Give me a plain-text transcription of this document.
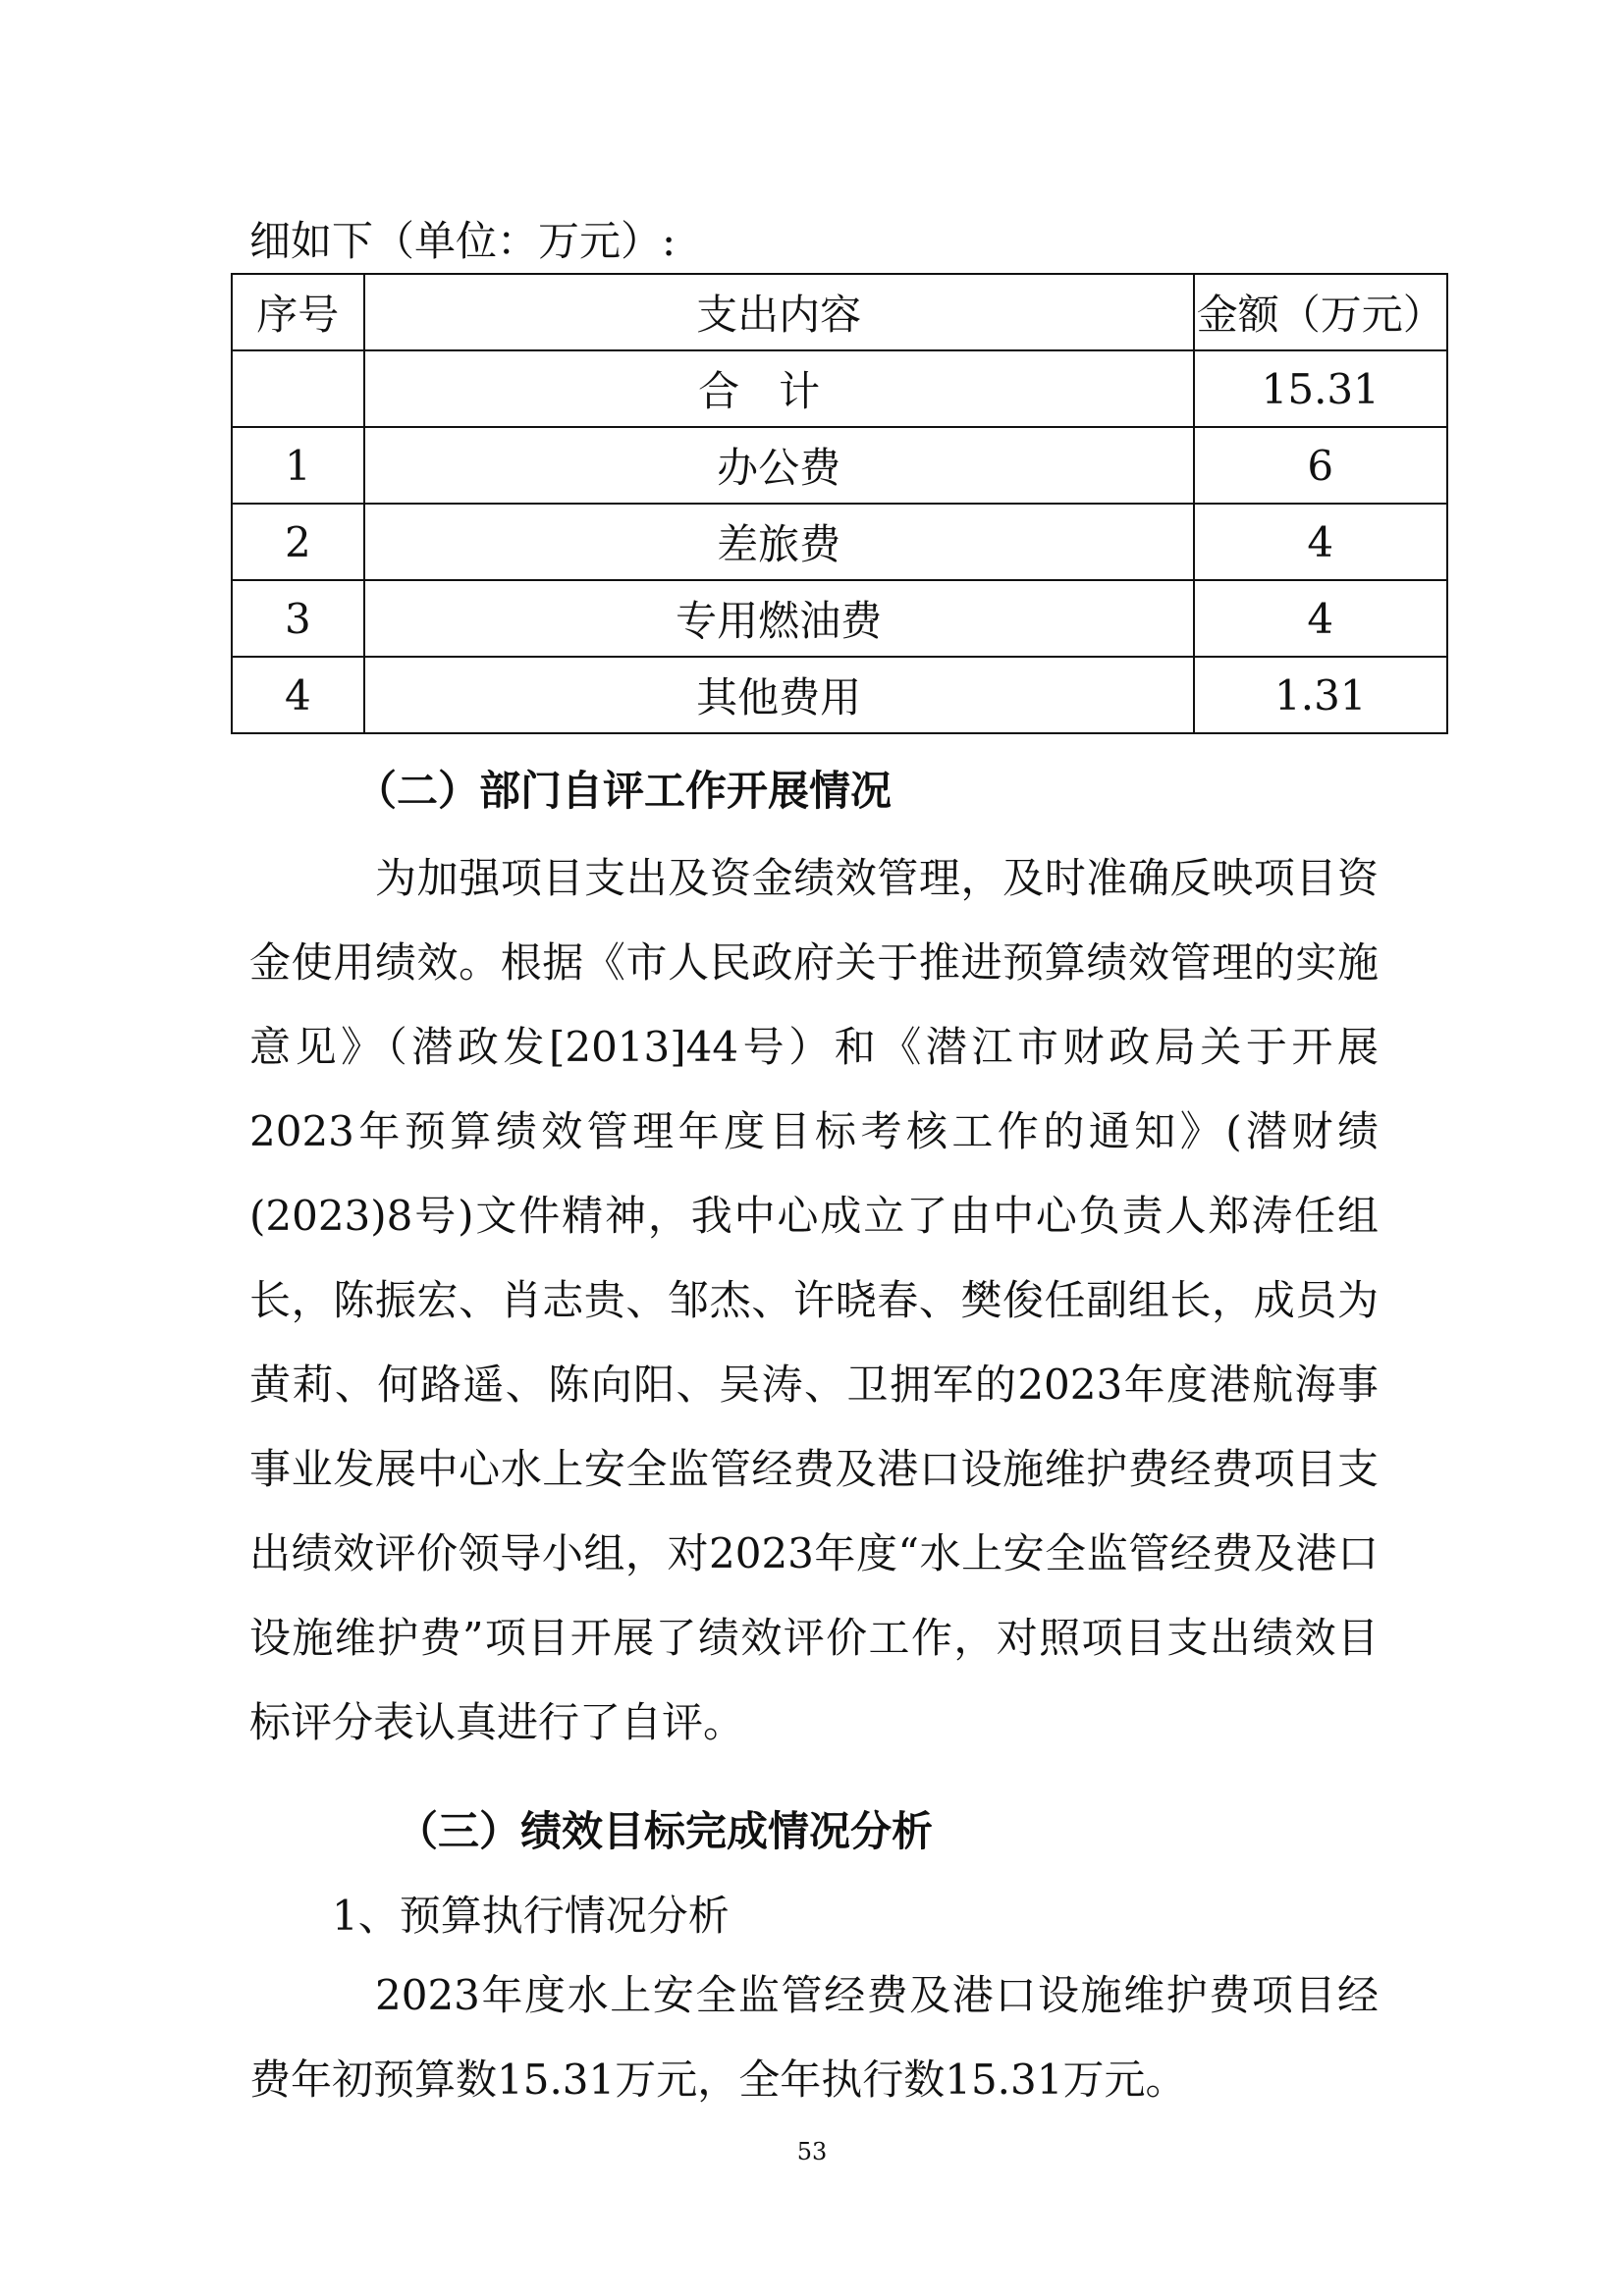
细如下（单位：万元）:

序号	支出内容	金额（万元）
	合计	15.31
1	办公费	6
2	差旅费	4
3	专用燃油费	4
4	其他费用	1.31

（二）部门自评工作开展情况

为加强项目支出及资金绩效管理，及时准确反映项目资金使用绩效。根据《市人民政府关于推进预算绩效管理的实施意见》（潜政发[2013]44号）和《潜江市财政局关于开展2023年预算绩效管理年度目标考核工作的通知》(潜财绩(2023)8号)文件精神，我中心成立了由中心负责人郑涛任组长，陈振宏、肖志贵、邹杰、许晓春、樊俊任副组长，成员为黄莉、何路遥、陈向阳、吴涛、卫拥军的2023年度港航海事事业发展中心水上安全监管经费及港口设施维护费经费项目支出绩效评价领导小组，对2023年度“水上安全监管经费及港口设施维护费”项目开展了绩效评价工作，对照项目支出绩效目标评分表认真进行了自评。

（三）绩效目标完成情况分析

1、预算执行情况分析

2023年度水上安全监管经费及港口设施维护费项目经费年初预算数15.31万元，全年执行数15.31万元。

53
